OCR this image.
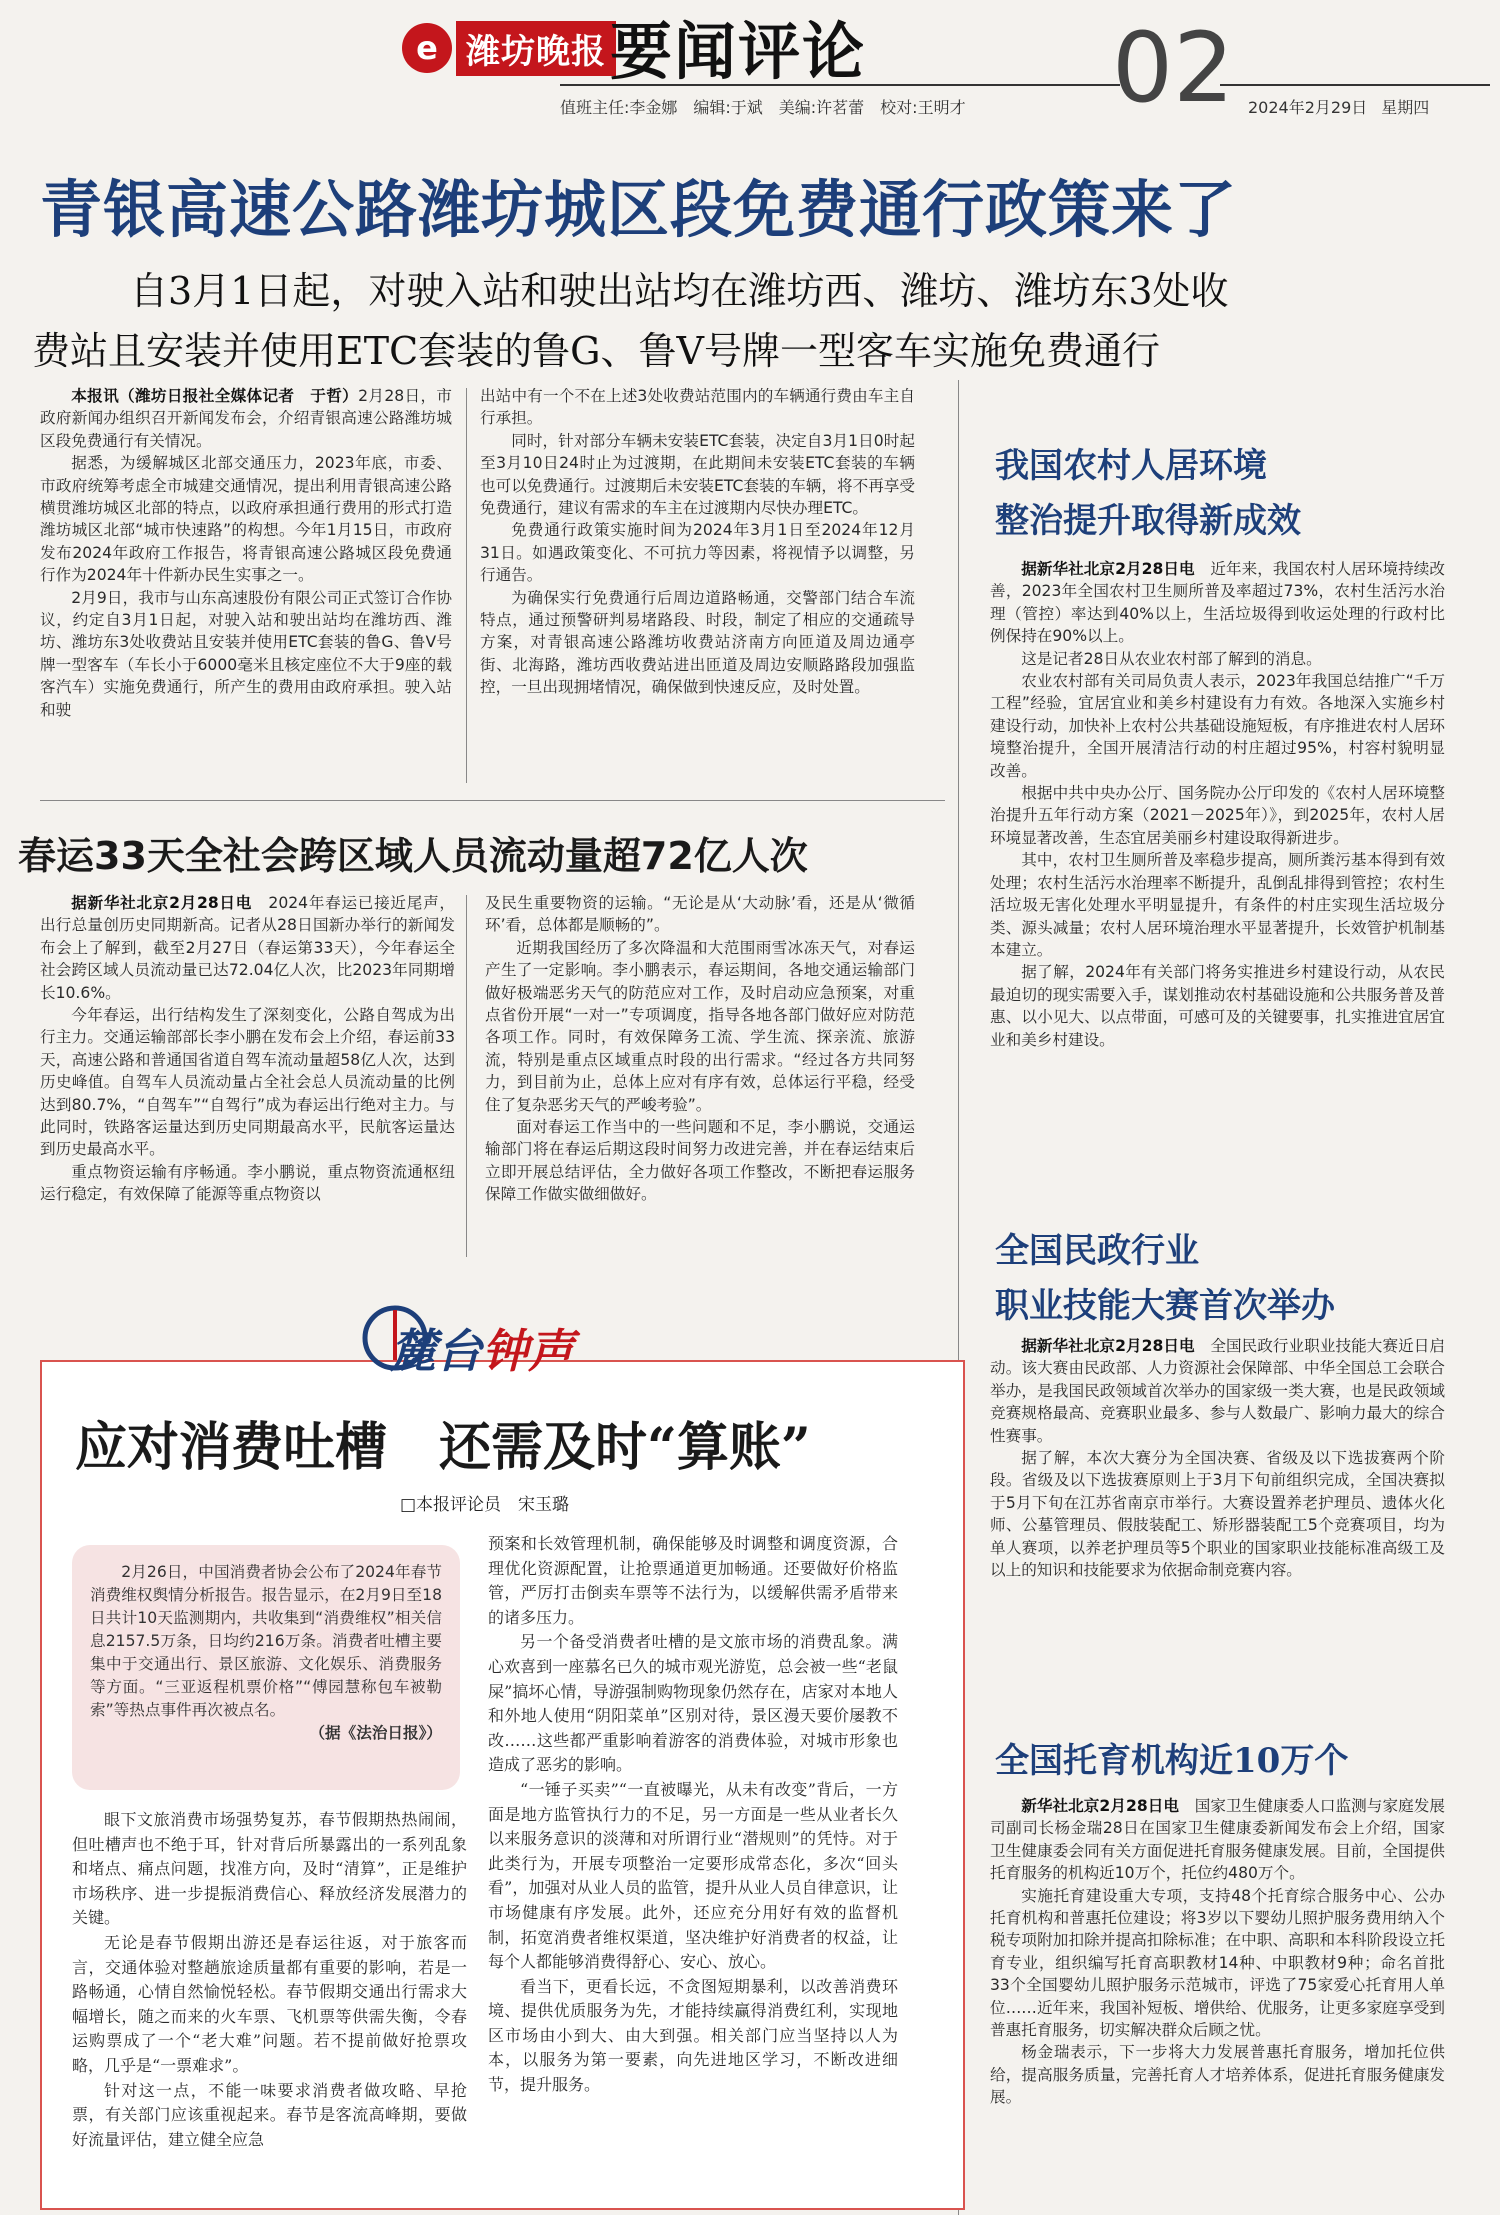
e 潍坊晚报 要闻评论	02
值班主任:李金娜　编辑:于斌　美编:许茗蕾　校对:王明才	2024年2月29日 星期四
青银高速公路潍坊城区段免费通行政策来了
自3月1日起，对驶入站和驶出站均在潍坊西、潍坊、潍坊东3处收
费站且安装并使用ETC套装的鲁G、鲁V号牌一型客车实施免费通行

本报讯（潍坊日报社全媒体记者　于哲）2月28日，市政府新闻办组织召开新闻发布会，介绍青银高速公路潍坊城区段免费通行有关情况。

据悉，为缓解城区北部交通压力，2023年底，市委、市政府统筹考虑全市城建交通情况，提出利用青银高速公路横贯潍坊城区北部的特点，以政府承担通行费用的形式打造潍坊城区北部“城市快速路”的构想。今年1月15日，市政府发布2024年政府工作报告，将青银高速公路城区段免费通行作为2024年十件新办民生实事之一。

2月9日，我市与山东高速股份有限公司正式签订合作协议，约定自3月1日起，对驶入站和驶出站均在潍坊西、潍坊、潍坊东3处收费站且安装并使用ETC套装的鲁G、鲁V号牌一型客车（车长小于6000毫米且核定座位不大于9座的载客汽车）实施免费通行，所产生的费用由政府承担。驶入站和驶

出站中有一个不在上述3处收费站范围内的车辆通行费由车主自行承担。

同时，针对部分车辆未安装ETC套装，决定自3月1日0时起至3月10日24时止为过渡期，在此期间未安装ETC套装的车辆也可以免费通行。过渡期后未安装ETC套装的车辆，将不再享受免费通行，建议有需求的车主在过渡期内尽快办理ETC。

免费通行政策实施时间为2024年3月1日至2024年12月31日。如遇政策变化、不可抗力等因素，将视情予以调整，另行通告。

为确保实行免费通行后周边道路畅通，交警部门结合车流特点，通过预警研判易堵路段、时段，制定了相应的交通疏导方案，对青银高速公路潍坊收费站济南方向匝道及周边通亭街、北海路，潍坊西收费站进出匝道及周边安顺路路段加强监控，一旦出现拥堵情况，确保做到快速反应，及时处置。

春运33天全社会跨区域人员流动量超72亿人次

据新华社北京2月28日电　 2024年春运已接近尾声，出行总量创历史同期新高。记者从28日国新办举行的新闻发布会上了解到，截至2月27日（春运第33天），今年春运全社会跨区域人员流动量已达72.04亿人次，比2023年同期增长10.6%。

今年春运，出行结构发生了深刻变化，公路自驾成为出行主力。交通运输部部长李小鹏在发布会上介绍，春运前33天，高速公路和普通国省道自驾车流动量超58亿人次，达到历史峰值。自驾车人员流动量占全社会总人员流动量的比例达到80.7%，“自驾车”“自驾行”成为春运出行绝对主力。与此同时，铁路客运量达到历史同期最高水平，民航客运量达到历史最高水平。

重点物资运输有序畅通。李小鹏说，重点物资流通枢纽运行稳定，有效保障了能源等重点物资以

及民生重要物资的运输。“无论是从‘大动脉’看，还是从‘微循环’看，总体都是顺畅的”。

近期我国经历了多次降温和大范围雨雪冰冻天气，对春运产生了一定影响。李小鹏表示，春运期间，各地交通运输部门做好极端恶劣天气的防范应对工作，及时启动应急预案，对重点省份开展“一对一”专项调度，指导各地各部门做好应对防范各项工作。同时，有效保障务工流、学生流、探亲流、旅游流，特别是重点区域重点时段的出行需求。“经过各方共同努力，到目前为止，总体上应对有序有效，总体运行平稳，经受住了复杂恶劣天气的严峻考验”。

面对春运工作当中的一些问题和不足，李小鹏说，交通运输部门将在春运后期这段时间努力改进完善，并在春运结束后立即开展总结评估，全力做好各项工作整改，不断把春运服务保障工作做实做细做好。

麓台钟声
应对消费吐槽　还需及时“算账”
□本报评论员　宋玉璐

2月26日，中国消费者协会公布了2024年春节消费维权舆情分析报告。报告显示，在2月9日至18日共计10天监测期内，共收集到“消费维权”相关信息2157.5万条，日均约216万条。消费者吐槽主要集中于交通出行、景区旅游、文化娱乐、消费服务等方面。“三亚返程机票价格”“傅园慧称包车被勒索”等热点事件再次被点名。

（据《法治日报》）

眼下文旅消费市场强势复苏，春节假期热热闹闹，但吐槽声也不绝于耳，针对背后所暴露出的一系列乱象和堵点、痛点问题，找准方向，及时“清算”，正是维护市场秩序、进一步提振消费信心、释放经济发展潜力的关键。

无论是春节假期出游还是春运往返，对于旅客而言，交通体验对整趟旅途质量都有重要的影响，若是一路畅通，心情自然愉悦轻松。春节假期交通出行需求大幅增长，随之而来的火车票、飞机票等供需失衡，令春运购票成了一个“老大难”问题。若不提前做好抢票攻略，几乎是“一票难求”。

针对这一点，不能一味要求消费者做攻略、早抢票，有关部门应该重视起来。春节是客流高峰期，要做好流量评估，建立健全应急

预案和长效管理机制，确保能够及时调整和调度资源，合理优化资源配置，让抢票通道更加畅通。还要做好价格监管，严厉打击倒卖车票等不法行为，以缓解供需矛盾带来的诸多压力。

另一个备受消费者吐槽的是文旅市场的消费乱象。满心欢喜到一座慕名已久的城市观光游览，总会被一些“老鼠屎”搞坏心情，导游强制购物现象仍然存在，店家对本地人和外地人使用“阴阳菜单”区别对待，景区漫天要价屡教不改……这些都严重影响着游客的消费体验，对城市形象也造成了恶劣的影响。

“一锤子买卖”“一直被曝光，从未有改变”背后，一方面是地方监管执行力的不足，另一方面是一些从业者长久以来服务意识的淡薄和对所谓行业“潜规则”的凭恃。对于此类行为，开展专项整治一定要形成常态化，多次“回头看”，加强对从业人员的监管，提升从业人员自律意识，让市场健康有序发展。此外，还应充分用好有效的监督机制，拓宽消费者维权渠道，坚决维护好消费者的权益，让每个人都能够消费得舒心、安心、放心。

看当下，更看长远，不贪图短期暴利，以改善消费环境、提供优质服务为先，才能持续赢得消费红利，实现地区市场由小到大、由大到强。相关部门应当坚持以人为本，以服务为第一要素，向先进地区学习，不断改进细节，提升服务。

我国农村人居环境
整治提升取得新成效

据新华社北京2月28日电　 近年来，我国农村人居环境持续改善，2023年全国农村卫生厕所普及率超过73%，农村生活污水治理（管控）率达到40%以上，生活垃圾得到收运处理的行政村比例保持在90%以上。

这是记者28日从农业农村部了解到的消息。

农业农村部有关司局负责人表示，2023年我国总结推广“千万工程”经验，宜居宜业和美乡村建设有力有效。各地深入实施乡村建设行动，加快补上农村公共基础设施短板，有序推进农村人居环境整治提升，全国开展清洁行动的村庄超过95%，村容村貌明显改善。

根据中共中央办公厅、国务院办公厅印发的《农村人居环境整治提升五年行动方案（2021－2025年）》，到2025年，农村人居环境显著改善，生态宜居美丽乡村建设取得新进步。

其中，农村卫生厕所普及率稳步提高，厕所粪污基本得到有效处理；农村生活污水治理率不断提升，乱倒乱排得到管控；农村生活垃圾无害化处理水平明显提升，有条件的村庄实现生活垃圾分类、源头减量；农村人居环境治理水平显著提升，长效管护机制基本建立。

据了解，2024年有关部门将务实推进乡村建设行动，从农民最迫切的现实需要入手，谋划推动农村基础设施和公共服务普及普惠、以小见大、以点带面，可感可及的关键要事，扎实推进宜居宜业和美乡村建设。

全国民政行业
职业技能大赛首次举办

据新华社北京2月28日电　 全国民政行业职业技能大赛近日启动。该大赛由民政部、人力资源社会保障部、中华全国总工会联合举办，是我国民政领域首次举办的国家级一类大赛，也是民政领域竞赛规格最高、竞赛职业最多、参与人数最广、影响力最大的综合性赛事。

据了解，本次大赛分为全国决赛、省级及以下选拔赛两个阶段。省级及以下选拔赛原则上于3月下旬前组织完成，全国决赛拟于5月下旬在江苏省南京市举行。大赛设置养老护理员、遗体火化师、公墓管理员、假肢装配工、矫形器装配工5个竞赛项目，均为单人赛项，以养老护理员等5个职业的国家职业技能标准高级工及以上的知识和技能要求为依据命制竞赛内容。

全国托育机构近10万个

新华社北京2月28日电　 国家卫生健康委人口监测与家庭发展司副司长杨金瑞28日在国家卫生健康委新闻发布会上介绍，国家卫生健康委会同有关方面促进托育服务健康发展。目前，全国提供托育服务的机构近10万个，托位约480万个。

实施托育建设重大专项，支持48个托育综合服务中心、公办托育机构和普惠托位建设；将3岁以下婴幼儿照护服务费用纳入个税专项附加扣除并提高扣除标准；在中职、高职和本科阶段设立托育专业，组织编写托育高职教材14种、中职教材9种；命名首批33个全国婴幼儿照护服务示范城市，评选了75家爱心托育用人单位……近年来，我国补短板、增供给、优服务，让更多家庭享受到普惠托育服务，切实解决群众后顾之忧。

杨金瑞表示，下一步将大力发展普惠托育服务，增加托位供给，提高服务质量，完善托育人才培养体系，促进托育服务健康发展。
